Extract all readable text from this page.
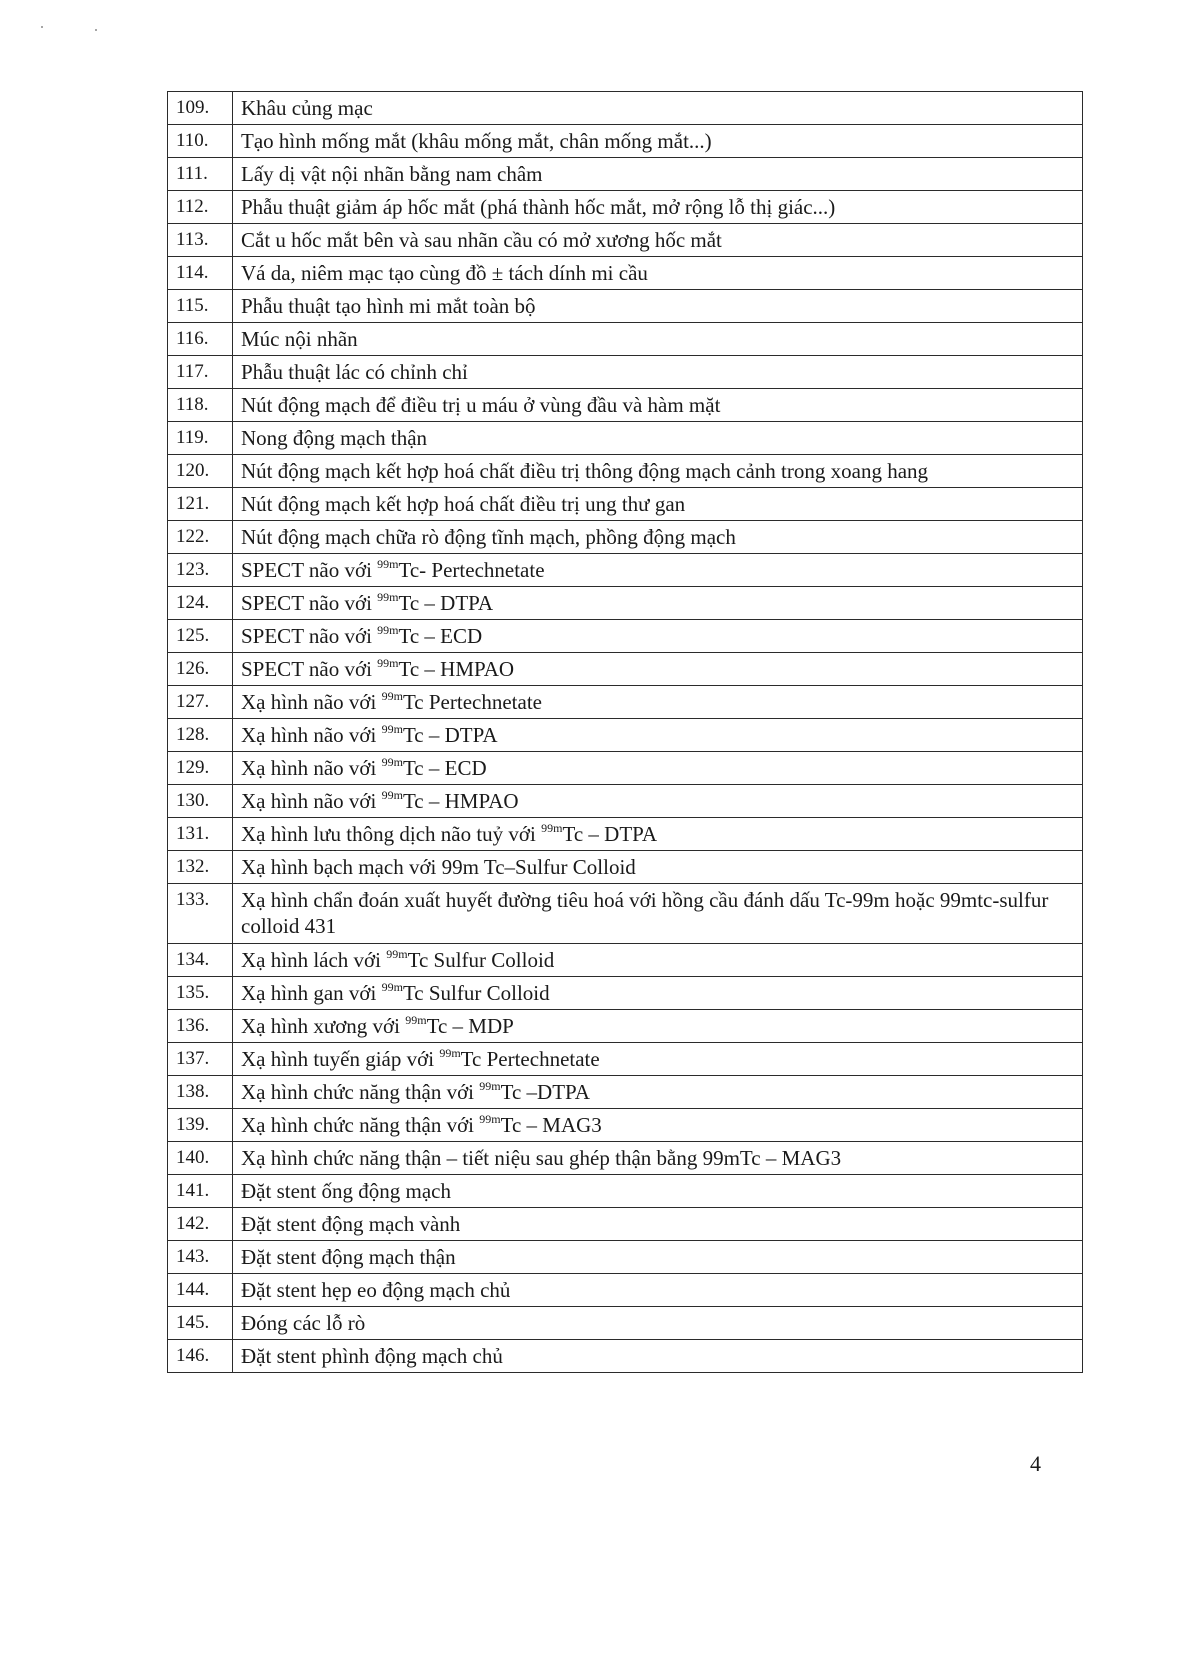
109.	Khâu củng mạc
110.	Tạo hình mống mắt (khâu mống mắt, chân mống mắt...)
111.	Lấy dị vật nội nhãn bằng nam châm
112.	Phẫu thuật giảm áp hốc mắt (phá thành hốc mắt, mở rộng lỗ thị giác...)
113.	Cắt u hốc mắt bên và sau nhãn cầu có mở xương hốc mắt
114.	Vá da, niêm mạc tạo cùng đồ ± tách dính mi cầu
115.	Phẫu thuật tạo hình mi mắt toàn bộ
116.	Múc nội nhãn
117.	Phẫu thuật lác có chỉnh chỉ
118.	Nút động mạch để điều trị u máu ở vùng đầu và hàm mặt
119.	Nong động mạch thận
120.	Nút động mạch kết hợp hoá chất điều trị thông động mạch cảnh trong xoang hang
121.	Nút động mạch kết hợp hoá chất điều trị ung thư gan
122.	Nút động mạch chữa rò động tĩnh mạch, phồng động mạch
123.	SPECT não với $^{99m}$Tc- Pertechnetate
124.	SPECT não với $^{99m}$Tc – DTPA
125.	SPECT não với $^{99m}$Tc – ECD
126.	SPECT não với $^{99m}$Tc – HMPAO
127.	Xạ hình não với $^{99m}$Tc Pertechnetate
128.	Xạ hình não với $^{99m}$Tc – DTPA
129.	Xạ hình não với $^{99m}$Tc – ECD
130.	Xạ hình não với $^{99m}$Tc – HMPAO
131.	Xạ hình lưu thông dịch não tuỷ với $^{99m}$Tc – DTPA
132.	Xạ hình bạch mạch với 99m Tc–Sulfur Colloid
133.	Xạ hình chẩn đoán xuất huyết đường tiêu hoá với hồng cầu đánh dấu Tc-99m hoặc 99mtc-sulfur colloid 431
134.	Xạ hình lách với $^{99m}$Tc Sulfur Colloid
135.	Xạ hình gan với $^{99m}$Tc Sulfur Colloid
136.	Xạ hình xương với $^{99m}$Tc – MDP
137.	Xạ hình tuyến giáp với $^{99m}$Tc Pertechnetate
138.	Xạ hình chức năng thận với $^{99m}$Tc –DTPA
139.	Xạ hình chức năng thận với $^{99m}$Tc – MAG3
140.	Xạ hình chức năng thận – tiết niệu sau ghép thận bằng 99mTc – MAG3
141.	Đặt stent ống động mạch
142.	Đặt stent động mạch vành
143.	Đặt stent động mạch thận
144.	Đặt stent hẹp eo động mạch chủ
145.	Đóng các lỗ rò
146.	Đặt stent phình động mạch chủ
4
